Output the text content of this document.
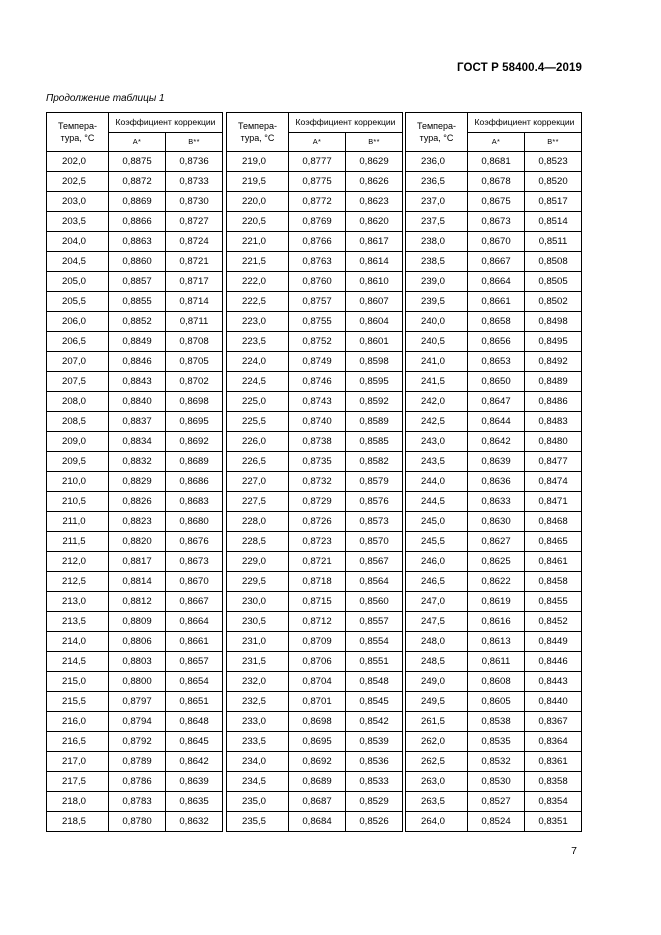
ГОСТ Р 58400.4—2019
Продолжение таблицы 1
Темпера-
тура, °С	Коэффициент коррекции	
	A*	B**
202,0	0,8875	0,8736
202,5	0,8872	0,8733
203,0	0,8869	0,8730
203,5	0,8866	0,8727
204,0	0,8863	0,8724
204,5	0,8860	0,8721
205,0	0,8857	0,8717
205,5	0,8855	0,8714
206,0	0,8852	0,8711
206,5	0,8849	0,8708
207,0	0,8846	0,8705
207,5	0,8843	0,8702
208,0	0,8840	0,8698
208,5	0,8837	0,8695
209,0	0,8834	0,8692
209,5	0,8832	0,8689
210,0	0,8829	0,8686
210,5	0,8826	0,8683
211,0	0,8823	0,8680
211,5	0,8820	0,8676
212,0	0,8817	0,8673
212,5	0,8814	0,8670
213,0	0,8812	0,8667
213,5	0,8809	0,8664
214,0	0,8806	0,8661
214,5	0,8803	0,8657
215,0	0,8800	0,8654
215,5	0,8797	0,8651
216,0	0,8794	0,8648
216,5	0,8792	0,8645
217,0	0,8789	0,8642
217,5	0,8786	0,8639
218,0	0,8783	0,8635
218,5	0,8780	0,8632
Темпера-
тура, °С	Коэффициент коррекции	
	A*	B**
219,0	0,8777	0,8629
219,5	0,8775	0,8626
220,0	0,8772	0,8623
220,5	0,8769	0,8620
221,0	0,8766	0,8617
221,5	0,8763	0,8614
222,0	0,8760	0,8610
222,5	0,8757	0,8607
223,0	0,8755	0,8604
223,5	0,8752	0,8601
224,0	0,8749	0,8598
224,5	0,8746	0,8595
225,0	0,8743	0,8592
225,5	0,8740	0,8589
226,0	0,8738	0,8585
226,5	0,8735	0,8582
227,0	0,8732	0,8579
227,5	0,8729	0,8576
228,0	0,8726	0,8573
228,5	0,8723	0,8570
229,0	0,8721	0,8567
229,5	0,8718	0,8564
230,0	0,8715	0,8560
230,5	0,8712	0,8557
231,0	0,8709	0,8554
231,5	0,8706	0,8551
232,0	0,8704	0,8548
232,5	0,8701	0,8545
233,0	0,8698	0,8542
233,5	0,8695	0,8539
234,0	0,8692	0,8536
234,5	0,8689	0,8533
235,0	0,8687	0,8529
235,5	0,8684	0,8526
Темпера-
тура, °С	Коэффициент коррекции	
	A*	B**
236,0	0,8681	0,8523
236,5	0,8678	0,8520
237,0	0,8675	0,8517
237,5	0,8673	0,8514
238,0	0,8670	0,8511
238,5	0,8667	0,8508
239,0	0,8664	0,8505
239,5	0,8661	0,8502
240,0	0,8658	0,8498
240,5	0,8656	0,8495
241,0	0,8653	0,8492
241,5	0,8650	0,8489
242,0	0,8647	0,8486
242,5	0,8644	0,8483
243,0	0,8642	0,8480
243,5	0,8639	0,8477
244,0	0,8636	0,8474
244,5	0,8633	0,8471
245,0	0,8630	0,8468
245,5	0,8627	0,8465
246,0	0,8625	0,8461
246,5	0,8622	0,8458
247,0	0,8619	0,8455
247,5	0,8616	0,8452
248,0	0,8613	0,8449
248,5	0,8611	0,8446
249,0	0,8608	0,8443
249,5	0,8605	0,8440
261,5	0,8538	0,8367
262,0	0,8535	0,8364
262,5	0,8532	0,8361
263,0	0,8530	0,8358
263,5	0,8527	0,8354
264,0	0,8524	0,8351
7
